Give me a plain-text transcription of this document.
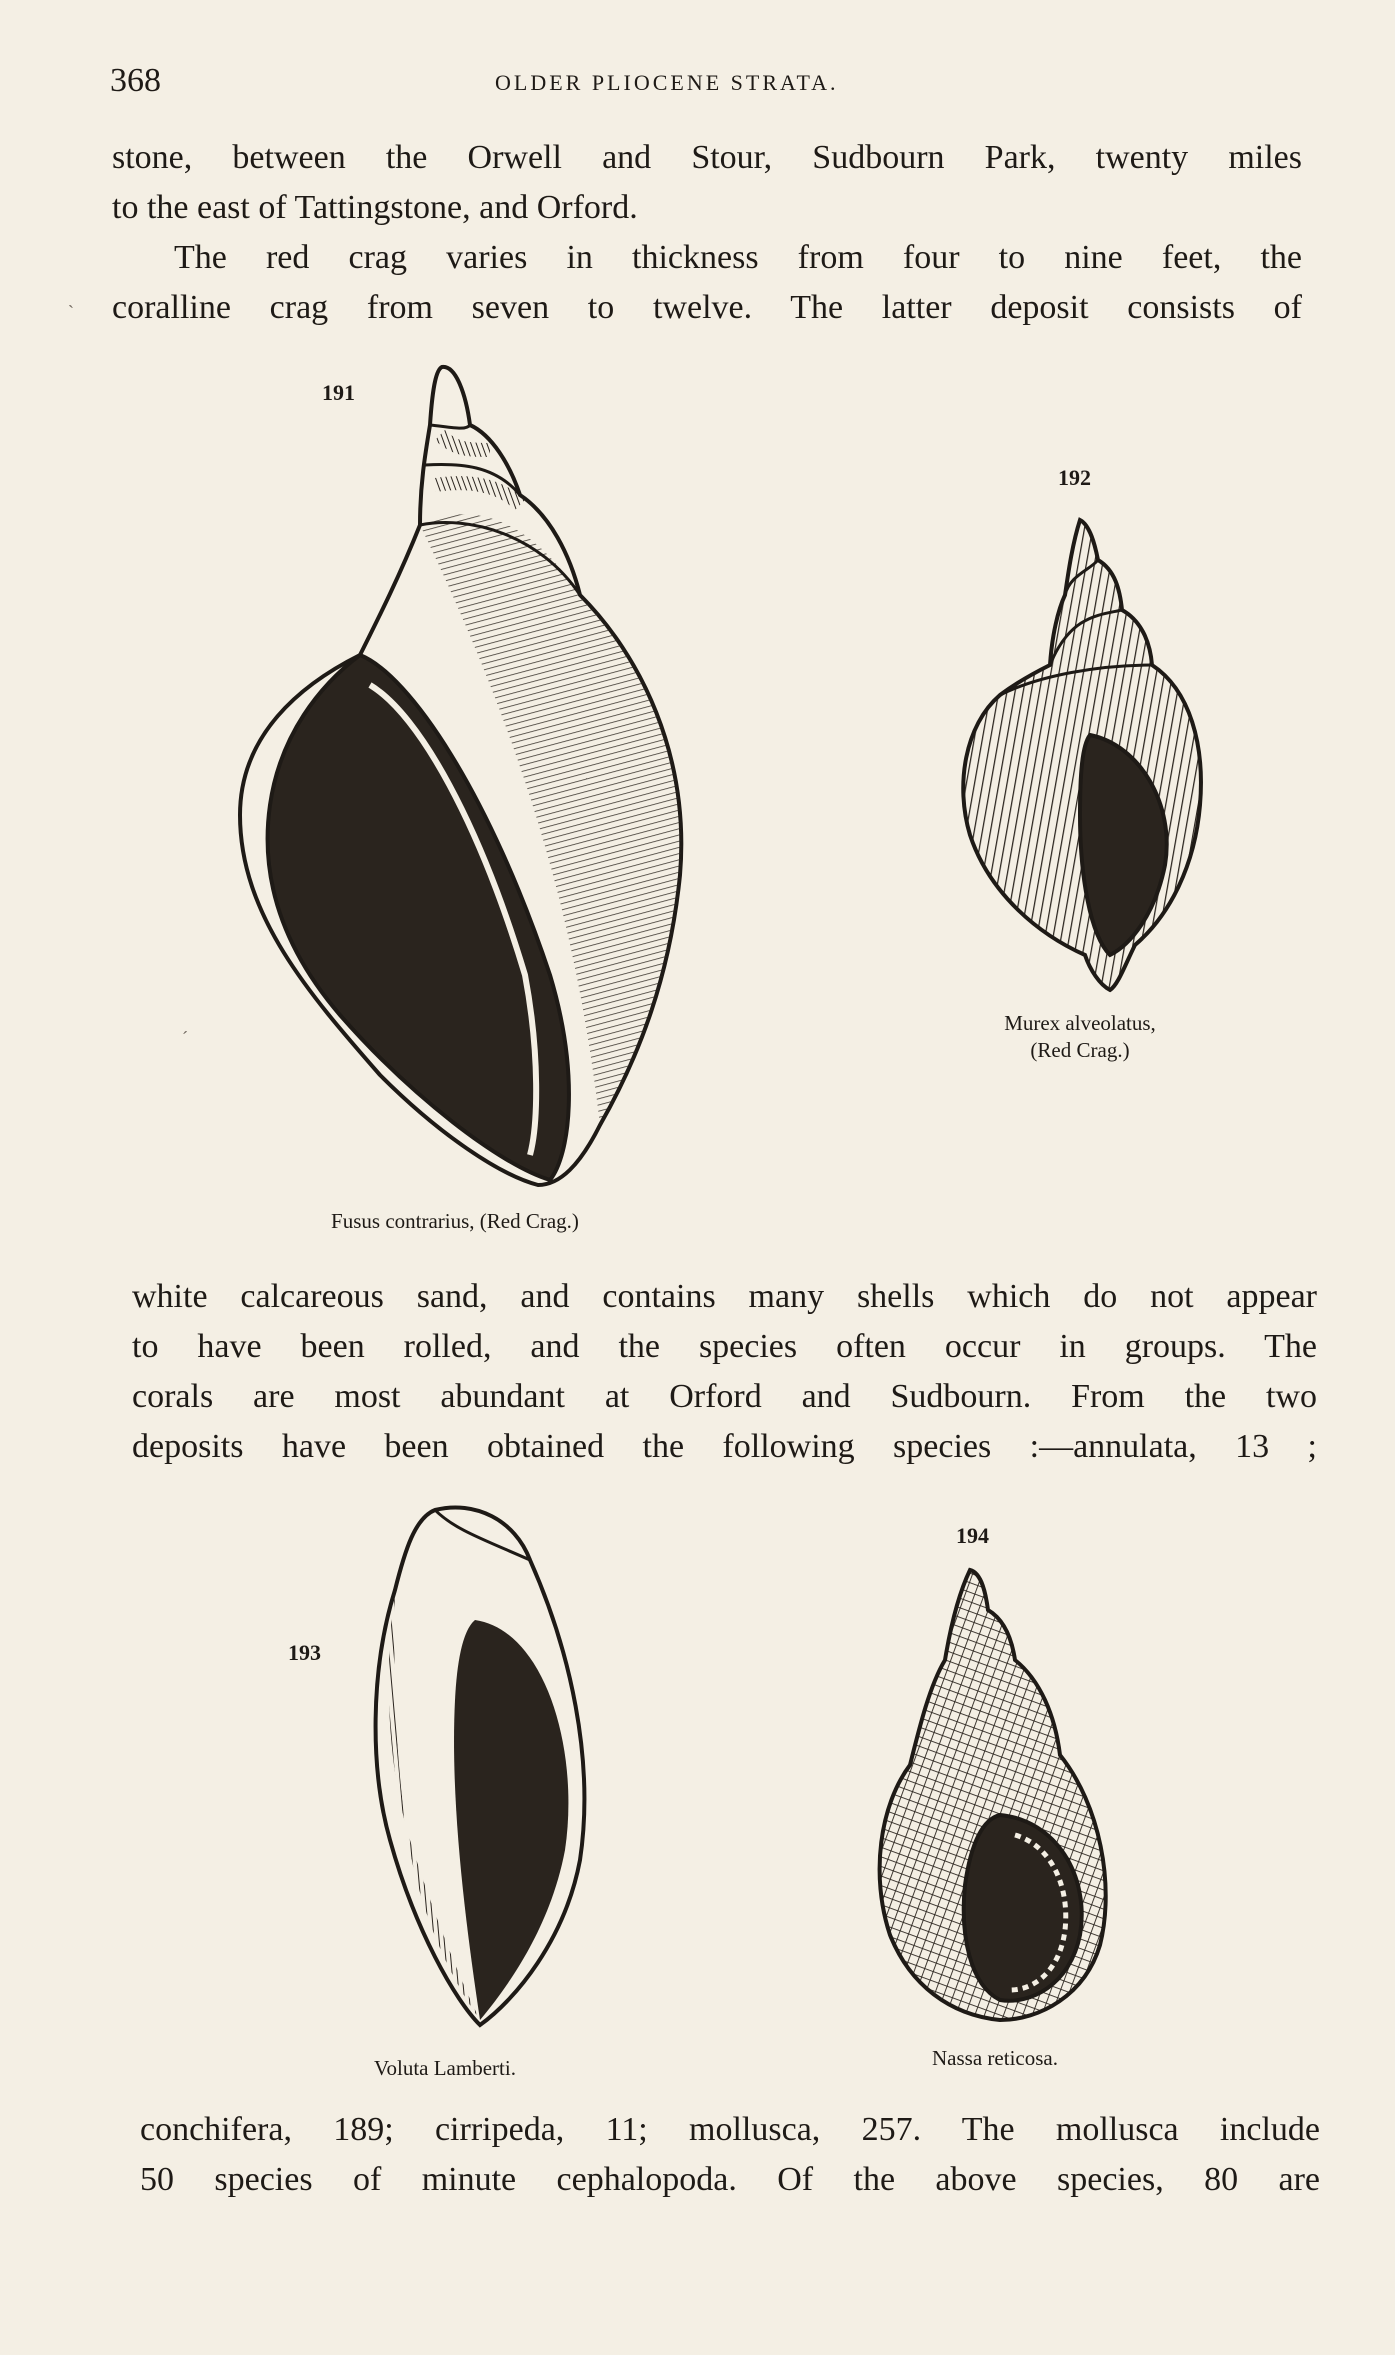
368	OLDER PLIOCENE STRATA.

stone, between the Orwell and Stour, Sudbourn Park, twenty miles
to the east of Tattingstone, and Orford.

The red crag varies in thickness from four to nine feet, the
coralline crag from seven to twelve. The latter deposit consists of

ˋ
191
Fusus contrarius, (Red Crag.)
192
Murex alveolatus,
(Red Crag.)
ˊ

white calcareous sand, and contains many shells which do not appear
to have been rolled, and the species often occur in groups. The
corals are most abundant at Orford and Sudbourn. From the two
deposits have been obtained the following species :—annulata, 13 ;

193
Voluta Lamberti.
194
Nassa reticosa.

conchifera, 189; cirripeda, 11; mollusca, 257. The mollusca include
50 species of minute cephalopoda. Of the above species, 80 are
